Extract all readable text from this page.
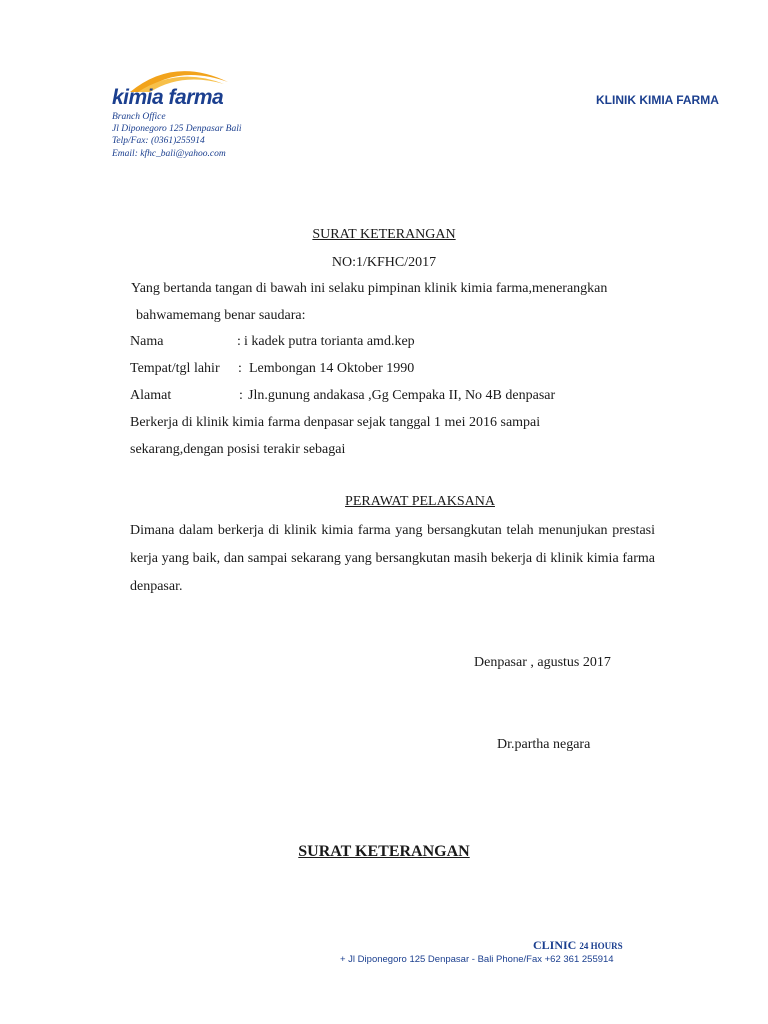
kimia farma
Branch Office
Jl Diponegoro 125 Denpasar Bali
Telp/Fax: (0361)255914
Email: kfhc_bali@yahoo.com
KLINIK KIMIA FARMA
SURAT KETERANGAN
NO:1/KFHC/2017
Yang bertanda tangan di bawah ini selaku pimpinan klinik kimia farma,menerangkan
bahwamemang benar saudara:
Nama	: i kadek putra torianta amd.kep
Tempat/tgl lahir : Lembongan 14 Oktober 1990
Alamat	: Jln.gunung andakasa ,Gg Cempaka II, No 4B denpasar
Berkerja di klinik kimia farma denpasar sejak tanggal 1 mei 2016 sampai
sekarang,dengan posisi terakir sebagai
PERAWAT PELAKSANA
Dimana dalam berkerja di klinik kimia farma yang bersangkutan telah menunjukan prestasi kerja yang baik, dan sampai sekarang yang bersangkutan masih bekerja di klinik kimia farma denpasar.
Denpasar , agustus 2017
Dr.partha negara
SURAT KETERANGAN
CLINIC 24 HOURS
+ Jl Diponegoro 125 Denpasar - Bali Phone/Fax +62 361 255914
